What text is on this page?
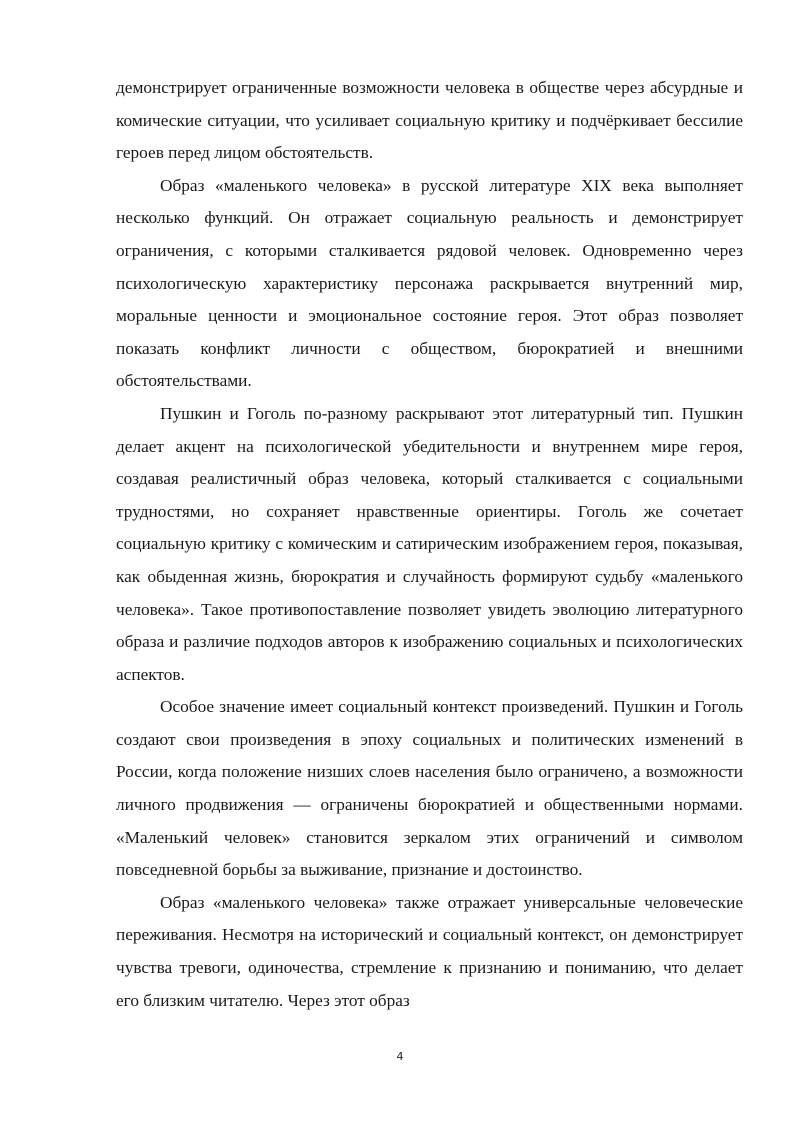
демонстрирует ограниченные возможности человека в обществе через абсурдные и комические ситуации, что усиливает социальную критику и подчёркивает бессилие героев перед лицом обстоятельств.

Образ «маленького человека» в русской литературе XIX века выполняет несколько функций. Он отражает социальную реальность и демонстрирует ограничения, с которыми сталкивается рядовой человек. Одновременно через психологическую характеристику персонажа раскрывается внутренний мир, моральные ценности и эмоциональное состояние героя. Этот образ позволяет показать конфликт личности с обществом, бюрократией и внешними обстоятельствами.

Пушкин и Гоголь по-разному раскрывают этот литературный тип. Пушкин делает акцент на психологической убедительности и внутреннем мире героя, создавая реалистичный образ человека, который сталкивается с социальными трудностями, но сохраняет нравственные ориентиры. Гоголь же сочетает социальную критику с комическим и сатирическим изображением героя, показывая, как обыденная жизнь, бюрократия и случайность формируют судьбу «маленького человека». Такое противопоставление позволяет увидеть эволюцию литературного образа и различие подходов авторов к изображению социальных и психологических аспектов.

Особое значение имеет социальный контекст произведений. Пушкин и Гоголь создают свои произведения в эпоху социальных и политических изменений в России, когда положение низших слоев населения было ограничено, а возможности личного продвижения — ограничены бюрократией и общественными нормами. «Маленький человек» становится зеркалом этих ограничений и символом повседневной борьбы за выживание, признание и достоинство.

Образ «маленького человека» также отражает универсальные человеческие переживания. Несмотря на исторический и социальный контекст, он демонстрирует чувства тревоги, одиночества, стремление к признанию и пониманию, что делает его близким читателю. Через этот образ

4
